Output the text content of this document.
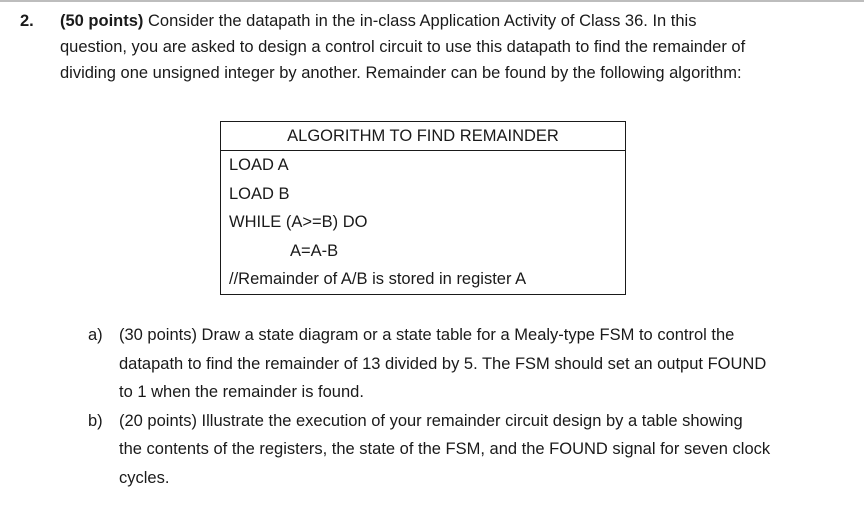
2. (50 points) Consider the datapath in the in-class Application Activity of Class 36. In this
question, you are asked to design a control circuit to use this datapath to find the remainder of
dividing one unsigned integer by another. Remainder can be found by the following algorithm:
ALGORITHM TO FIND REMAINDER
LOAD A
LOAD B
WHILE (A>=B) DO
A=A-B
//Remainder of A/B is stored in register A
a) (30 points) Draw a state diagram or a state table for a Mealy-type FSM to control the
datapath to find the remainder of 13 divided by 5. The FSM should set an output FOUND
to 1 when the remainder is found.
b) (20 points) Illustrate the execution of your remainder circuit design by a table showing
the contents of the registers, the state of the FSM, and the FOUND signal for seven clock
cycles.
